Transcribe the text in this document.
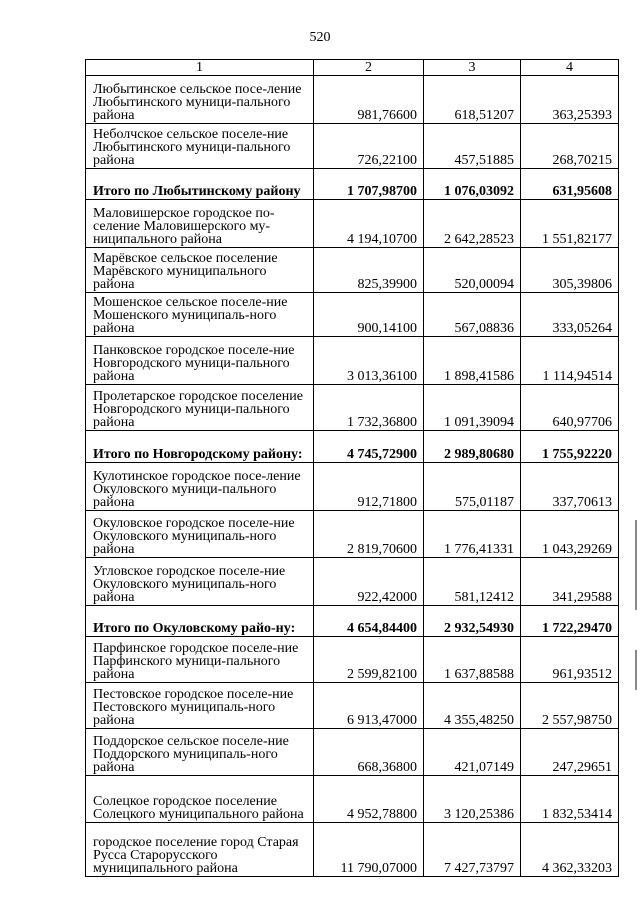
520
1	2	3	4
Любытинское сельское посе-ление Любытинского муници-пального района	981,76600	618,51207	363,25393
Неболчское сельское поселе-ние Любытинского муници-пального района	726,22100	457,51885	268,70215
Итого по Любытинскому району	1 707,98700	1 076,03092	631,95608
Маловишерское городское по-селение Маловишерского му-ниципального района	4 194,10700	2 642,28523	1 551,82177
Марёвское сельское поселение Марёвского муниципального района	825,39900	520,00094	305,39806
Мошенское сельское поселе-ние Мошенского муниципаль-ного района	900,14100	567,08836	333,05264
Панковское городское поселе-ние Новгородского муници-пального района	3 013,36100	1 898,41586	1 114,94514
Пролетарское городское поселение Новгородского муници-пального района	1 732,36800	1 091,39094	640,97706
Итого по Новгородскому району:	4 745,72900	2 989,80680	1 755,92220
Кулотинское городское посе-ление Окуловского муници-пального района	912,71800	575,01187	337,70613
Окуловское городское поселе-ние Окуловского муниципаль-ного района	2 819,70600	1 776,41331	1 043,29269
Угловское городское поселе-ние Окуловского муниципаль-ного района	922,42000	581,12412	341,29588
Итого по Окуловскому райо-ну:	4 654,84400	2 932,54930	1 722,29470
Парфинское городское поселе-ние Парфинского муници-пального района	2 599,82100	1 637,88588	961,93512
Пестовское городское поселе-ние Пестовского муниципаль-ного района	6 913,47000	4 355,48250	2 557,98750
Поддорское сельское поселе-ние Поддорского муниципаль-ного района	668,36800	421,07149	247,29651
Солецкое городское поселение Солецкого муниципального района	4 952,78800	3 120,25386	1 832,53414
городское поселение город Старая Русса Старорусского муниципального района	11 790,07000	7 427,73797	4 362,33203
